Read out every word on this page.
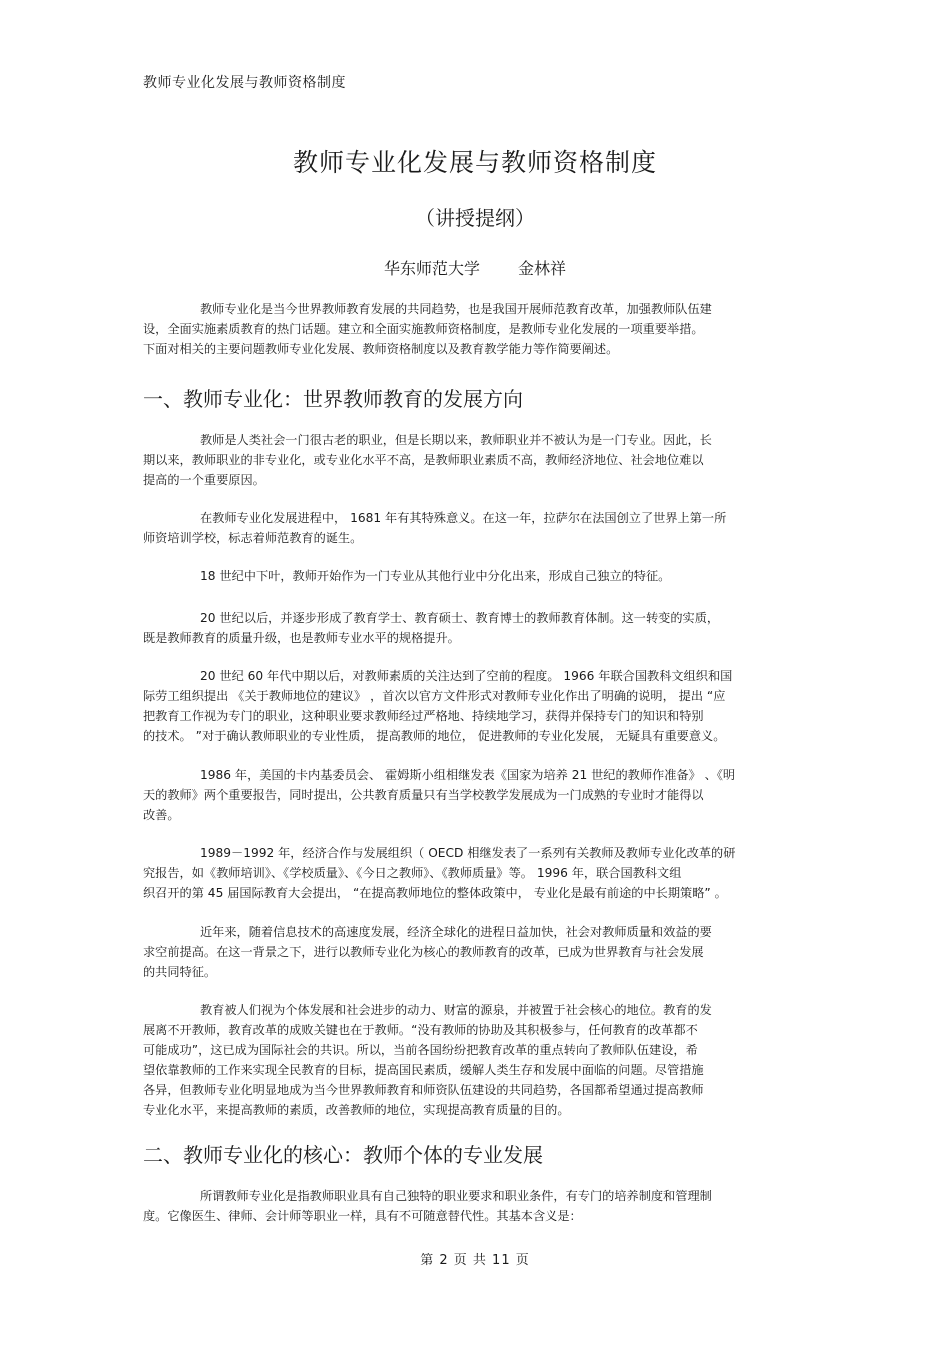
教师专业化发展与教师资格制度
教师专业化发展与教师资格制度
（讲授提纲）
华东师范大学 金林祥
教师专业化是当今世界教师教育发展的共同趋势，也是我国开展师范教育改革，加强教师队伍建
设，全面实施素质教育的热门话题。建立和全面实施教师资格制度，是教师专业化发展的一项重要举措。
下面对相关的主要问题教师专业化发展、教师资格制度以及教育教学能力等作简要阐述。
一、教师专业化：世界教师教育的发展方向
教师是人类社会一门很古老的职业，但是长期以来，教师职业并不被认为是一门专业。因此，长
期以来，教师职业的非专业化，或专业化水平不高，是教师职业素质不高，教师经济地位、社会地位难以
提高的一个重要原因。
在教师专业化发展进程中， 1681 年有其特殊意义。在这一年，拉萨尔在法国创立了世界上第一所
师资培训学校，标志着师范教育的诞生。
18 世纪中下叶，教师开始作为一门专业从其他行业中分化出来，形成自己独立的特征。
20 世纪以后，并逐步形成了教育学士、教育硕士、教育博士的教师教育体制。这一转变的实质，
既是教师教育的质量升级，也是教师专业水平的规格提升。
20 世纪 60 年代中期以后，对教师素质的关注达到了空前的程度。 1966 年联合国教科文组织和国
际劳工组织提出 《关于教师地位的建议》 ，首次以官方文件形式对教师专业化作出了明确的说明， 提出 “应
把教育工作视为专门的职业，这种职业要求教师经过严格地、持续地学习，获得并保持专门的知识和特别
的技术。 ”对于确认教师职业的专业性质， 提高教师的地位， 促进教师的专业化发展， 无疑具有重要意义。
1986 年，美国的卡内基委员会、 霍姆斯小组相继发表《国家为培养 21 世纪的教师作准备》 、《明
天的教师》两个重要报告，同时提出，公共教育质量只有当学校教学发展成为一门成熟的专业时才能得以
改善。
1989－1992 年，经济合作与发展组织（ OECD 相继发表了一系列有关教师及教师专业化改革的研
究报告，如《教师培训》、《学校质量》、《今日之教师》、《教师质量》等。 1996 年，联合国教科文组
织召开的第 45 届国际教育大会提出， “在提高教师地位的整体政策中， 专业化是最有前途的中长期策略” 。
近年来，随着信息技术的高速度发展，经济全球化的进程日益加快，社会对教师质量和效益的要
求空前提高。在这一背景之下，进行以教师专业化为核心的教师教育的改革，已成为世界教育与社会发展
的共同特征。
教育被人们视为个体发展和社会进步的动力、财富的源泉，并被置于社会核心的地位。教育的发
展离不开教师，教育改革的成败关键也在于教师。“没有教师的协助及其积极参与，任何教育的改革都不
可能成功”，这已成为国际社会的共识。所以，当前各国纷纷把教育改革的重点转向了教师队伍建设，希
望依靠教师的工作来实现全民教育的目标，提高国民素质，缓解人类生存和发展中面临的问题。尽管措施
各异，但教师专业化明显地成为当今世界教师教育和师资队伍建设的共同趋势，各国都希望通过提高教师
专业化水平，来提高教师的素质，改善教师的地位，实现提高教育质量的目的。
二、教师专业化的核心：教师个体的专业发展
所谓教师专业化是指教师职业具有自己独特的职业要求和职业条件，有专门的培养制度和管理制
度。它像医生、律师、会计师等职业一样，具有不可随意替代性。其基本含义是：
第 2 页 共 11 页
